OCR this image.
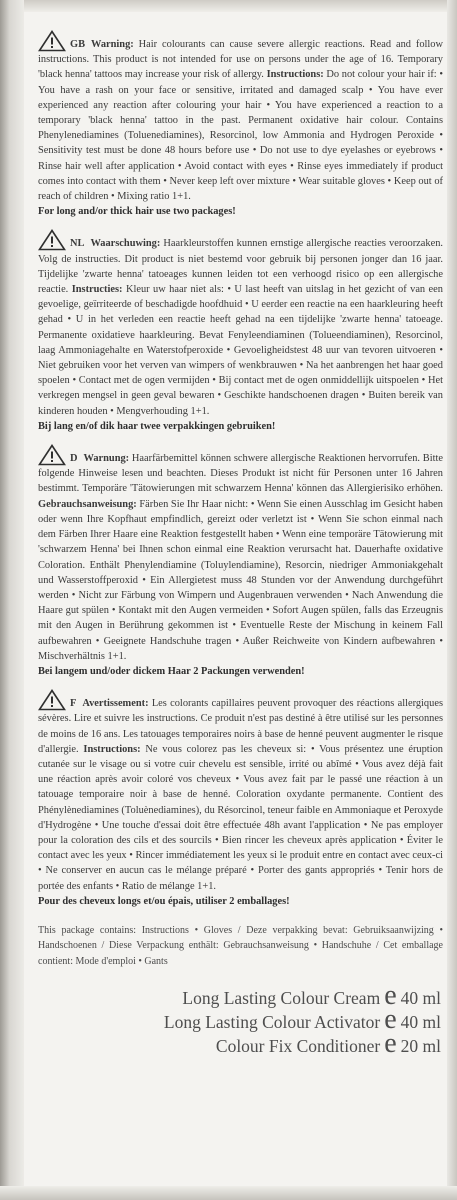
GB Warning: Hair colourants can cause severe allergic reactions. Read and follow instructions. This product is not intended for use on persons under the age of 16. Temporary 'black henna' tattoos may increase your risk of allergy. Instructions: Do not colour your hair if: • You have a rash on your face or sensitive, irritated and damaged scalp • You have ever experienced any reaction after colouring your hair • You have experienced a reaction to a temporary 'black henna' tattoo in the past. Permanent oxidative hair colour. Contains Phenylenediamines (Toluenediamines), Resorcinol, low Ammonia and Hydrogen Peroxide • Sensitivity test must be done 48 hours before use • Do not use to dye eyelashes or eyebrows • Rinse hair well after application • Avoid contact with eyes • Rinse eyes immediately if product comes into contact with them • Never keep left over mixture • Wear suitable gloves • Keep out of reach of children • Mixing ratio 1+1.

For long and/or thick hair use two packages!

NL Waarschuwing: Haarkleurstoffen kunnen ernstige allergische reacties veroorzaken. Volg de instructies. Dit product is niet bestemd voor gebruik bij personen jonger dan 16 jaar. Tijdelijke 'zwarte henna' tatoeages kunnen leiden tot een verhoogd risico op een allergische reactie. Instructies: Kleur uw haar niet als: • U last heeft van uitslag in het gezicht of van een gevoelige, geïrriteerde of beschadigde hoofdhuid • U eerder een reactie na een haarkleuring heeft gehad • U in het verleden een reactie heeft gehad na een tijdelijke 'zwarte henna' tatoeage. Permanente oxidatieve haarkleuring. Bevat Fenyleendiaminen (Tolueendiaminen), Resorcinol, laag Ammoniagehalte en Waterstofperoxide • Gevoeligheidstest 48 uur van tevoren uitvoeren • Niet gebruiken voor het verven van wimpers of wenkbrauwen • Na het aanbrengen het haar goed spoelen • Contact met de ogen vermijden • Bij contact met de ogen onmiddellijk uitspoelen • Het verkregen mengsel in geen geval bewaren • Geschikte handschoenen dragen • Buiten bereik van kinderen houden • Mengverhouding 1+1.

Bij lang en/of dik haar twee verpakkingen gebruiken!

D Warnung: Haarfärbemittel können schwere allergische Reaktionen hervorrufen. Bitte folgende Hinweise lesen und beachten. Dieses Produkt ist nicht für Personen unter 16 Jahren bestimmt. Temporäre 'Tätowierungen mit schwarzem Henna' können das Allergierisiko erhöhen. Gebrauchsanweisung: Färben Sie Ihr Haar nicht: • Wenn Sie einen Ausschlag im Gesicht haben oder wenn Ihre Kopfhaut empfindlich, gereizt oder verletzt ist • Wenn Sie schon einmal nach dem Färben Ihrer Haare eine Reaktion festgestellt haben • Wenn eine temporäre Tätowierung mit 'schwarzem Henna' bei Ihnen schon einmal eine Reaktion verursacht hat. Dauerhafte oxidative Coloration. Enthält Phenylendiamine (Toluylendiamine), Resorcin, niedriger Ammoniakgehalt und Wasserstoffperoxid • Ein Allergietest muss 48 Stunden vor der Anwendung durchgeführt werden • Nicht zur Färbung von Wimpern und Augenbrauen verwenden • Nach Anwendung die Haare gut spülen • Kontakt mit den Augen vermeiden • Sofort Augen spülen, falls das Erzeugnis mit den Augen in Berührung gekommen ist • Eventuelle Reste der Mischung in keinem Fall aufbewahren • Geeignete Handschuhe tragen • Außer Reichweite von Kindern aufbewahren • Mischverhältnis 1+1.

Bei langem und/oder dickem Haar 2 Packungen verwenden!

F Avertissement: Les colorants capillaires peuvent provoquer des réactions allergiques sévères. Lire et suivre les instructions. Ce produit n'est pas destiné à être utilisé sur les personnes de moins de 16 ans. Les tatouages temporaires noirs à base de henné peuvent augmenter le risque d'allergie. Instructions: Ne vous colorez pas les cheveux si: • Vous présentez une éruption cutanée sur le visage ou si votre cuir chevelu est sensible, irrité ou abîmé • Vous avez déjà fait une réaction après avoir coloré vos cheveux • Vous avez fait par le passé une réaction à un tatouage temporaire noir à base de henné. Coloration oxydante permanente. Contient des Phénylènediamines (Toluènediamines), du Résorcinol, teneur faible en Ammoniaque et Peroxyde d'Hydrogène • Une touche d'essai doit être effectuée 48h avant l'application • Ne pas employer pour la coloration des cils et des sourcils • Bien rincer les cheveux après application • Éviter le contact avec les yeux • Rincer immédiatement les yeux si le produit entre en contact avec ceux-ci • Ne conserver en aucun cas le mélange préparé • Porter des gants appropriés • Tenir hors de portée des enfants • Ratio de mélange 1+1.

Pour des cheveux longs et/ou épais, utiliser 2 emballages!

This package contains: Instructions • Gloves / Deze verpakking bevat: Gebruiksaanwijzing • Handschoenen / Diese Verpackung enthält: Gebrauchsanweisung • Handschuhe / Cet emballage contient: Mode d'emploi • Gants

Long Lasting Colour Cream e 40 ml
Long Lasting Colour Activator e 40 ml
Colour Fix Conditioner e 20 ml
